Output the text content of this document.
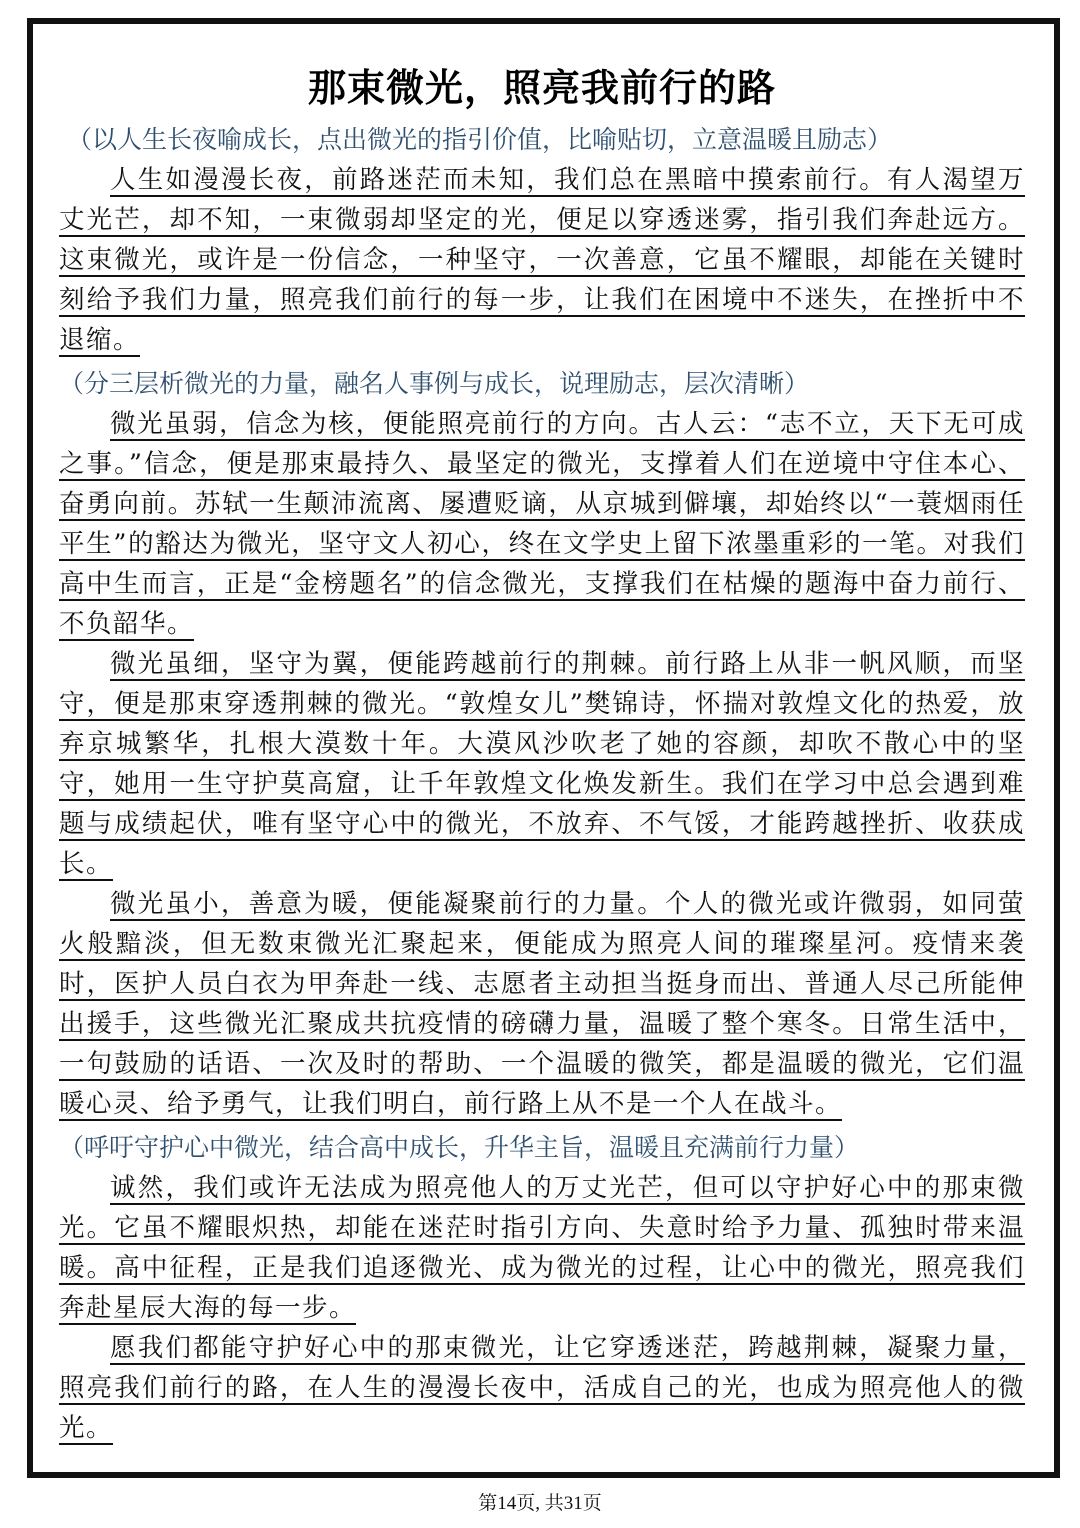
那束微光，照亮我前行的路

（以人生长夜喻成长，点出微光的指引价值，比喻贴切，立意温暖且励志）

人生如漫漫长夜，前路迷茫而未知，我们总在黑暗中摸索前行。有人渴望万丈光芒，却不知，一束微弱却坚定的光，便足以穿透迷雾，指引我们奔赴远方。这束微光，或许是一份信念，一种坚守，一次善意，它虽不耀眼，却能在关键时刻给予我们力量，照亮我们前行的每一步，让我们在困境中不迷失，在挫折中不退缩。

（分三层析微光的力量，融名人事例与成长，说理励志，层次清晰）

微光虽弱，信念为核，便能照亮前行的方向。古人云：“志不立，天下无可成之事。”信念，便是那束最持久、最坚定的微光，支撑着人们在逆境中守住本心、奋勇向前。苏轼一生颠沛流离、屡遭贬谪，从京城到僻壤，却始终以“一蓑烟雨任平生”的豁达为微光，坚守文人初心，终在文学史上留下浓墨重彩的一笔。对我们高中生而言，正是“金榜题名”的信念微光，支撑我们在枯燥的题海中奋力前行、不负韶华。

微光虽细，坚守为翼，便能跨越前行的荆棘。前行路上从非一帆风顺，而坚守，便是那束穿透荆棘的微光。“敦煌女儿”樊锦诗，怀揣对敦煌文化的热爱，放弃京城繁华，扎根大漠数十年。大漠风沙吹老了她的容颜，却吹不散心中的坚守，她用一生守护莫高窟，让千年敦煌文化焕发新生。我们在学习中总会遇到难题与成绩起伏，唯有坚守心中的微光，不放弃、不气馁，才能跨越挫折、收获成长。

微光虽小，善意为暖，便能凝聚前行的力量。个人的微光或许微弱，如同萤火般黯淡，但无数束微光汇聚起来，便能成为照亮人间的璀璨星河。疫情来袭时，医护人员白衣为甲奔赴一线、志愿者主动担当挺身而出、普通人尽己所能伸出援手，这些微光汇聚成共抗疫情的磅礴力量，温暖了整个寒冬。日常生活中，一句鼓励的话语、一次及时的帮助、一个温暖的微笑，都是温暖的微光，它们温暖心灵、给予勇气，让我们明白，前行路上从不是一个人在战斗。

（呼吁守护心中微光，结合高中成长，升华主旨，温暖且充满前行力量）

诚然，我们或许无法成为照亮他人的万丈光芒，但可以守护好心中的那束微光。它虽不耀眼炽热，却能在迷茫时指引方向、失意时给予力量、孤独时带来温暖。高中征程，正是我们追逐微光、成为微光的过程，让心中的微光，照亮我们奔赴星辰大海的每一步。

愿我们都能守护好心中的那束微光，让它穿透迷茫，跨越荆棘，凝聚力量，照亮我们前行的路，在人生的漫漫长夜中，活成自己的光，也成为照亮他人的微光。

第14页, 共31页
